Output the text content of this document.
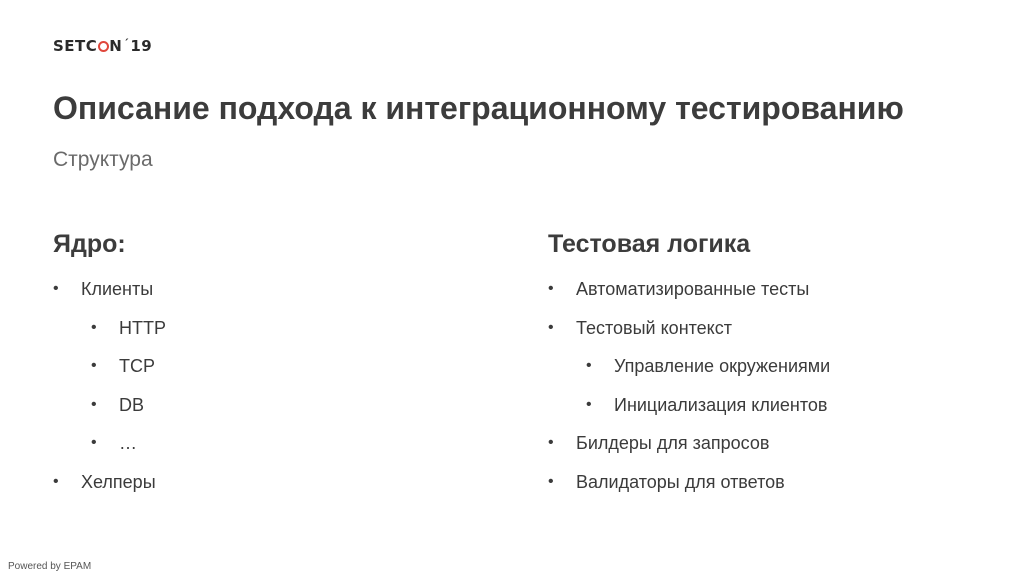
SETC N´19
Описание подхода к интеграционному тестированию
Структура
Ядро:
• Клиенты
• HTTP
• TCP
• DB
• …
• Хелперы
Тестовая логика
• Автоматизированные тесты
• Тестовый контекст
• Управление окружениями
• Инициализация клиентов
• Билдеры для запросов
• Валидаторы для ответов
Powered by EPAM
